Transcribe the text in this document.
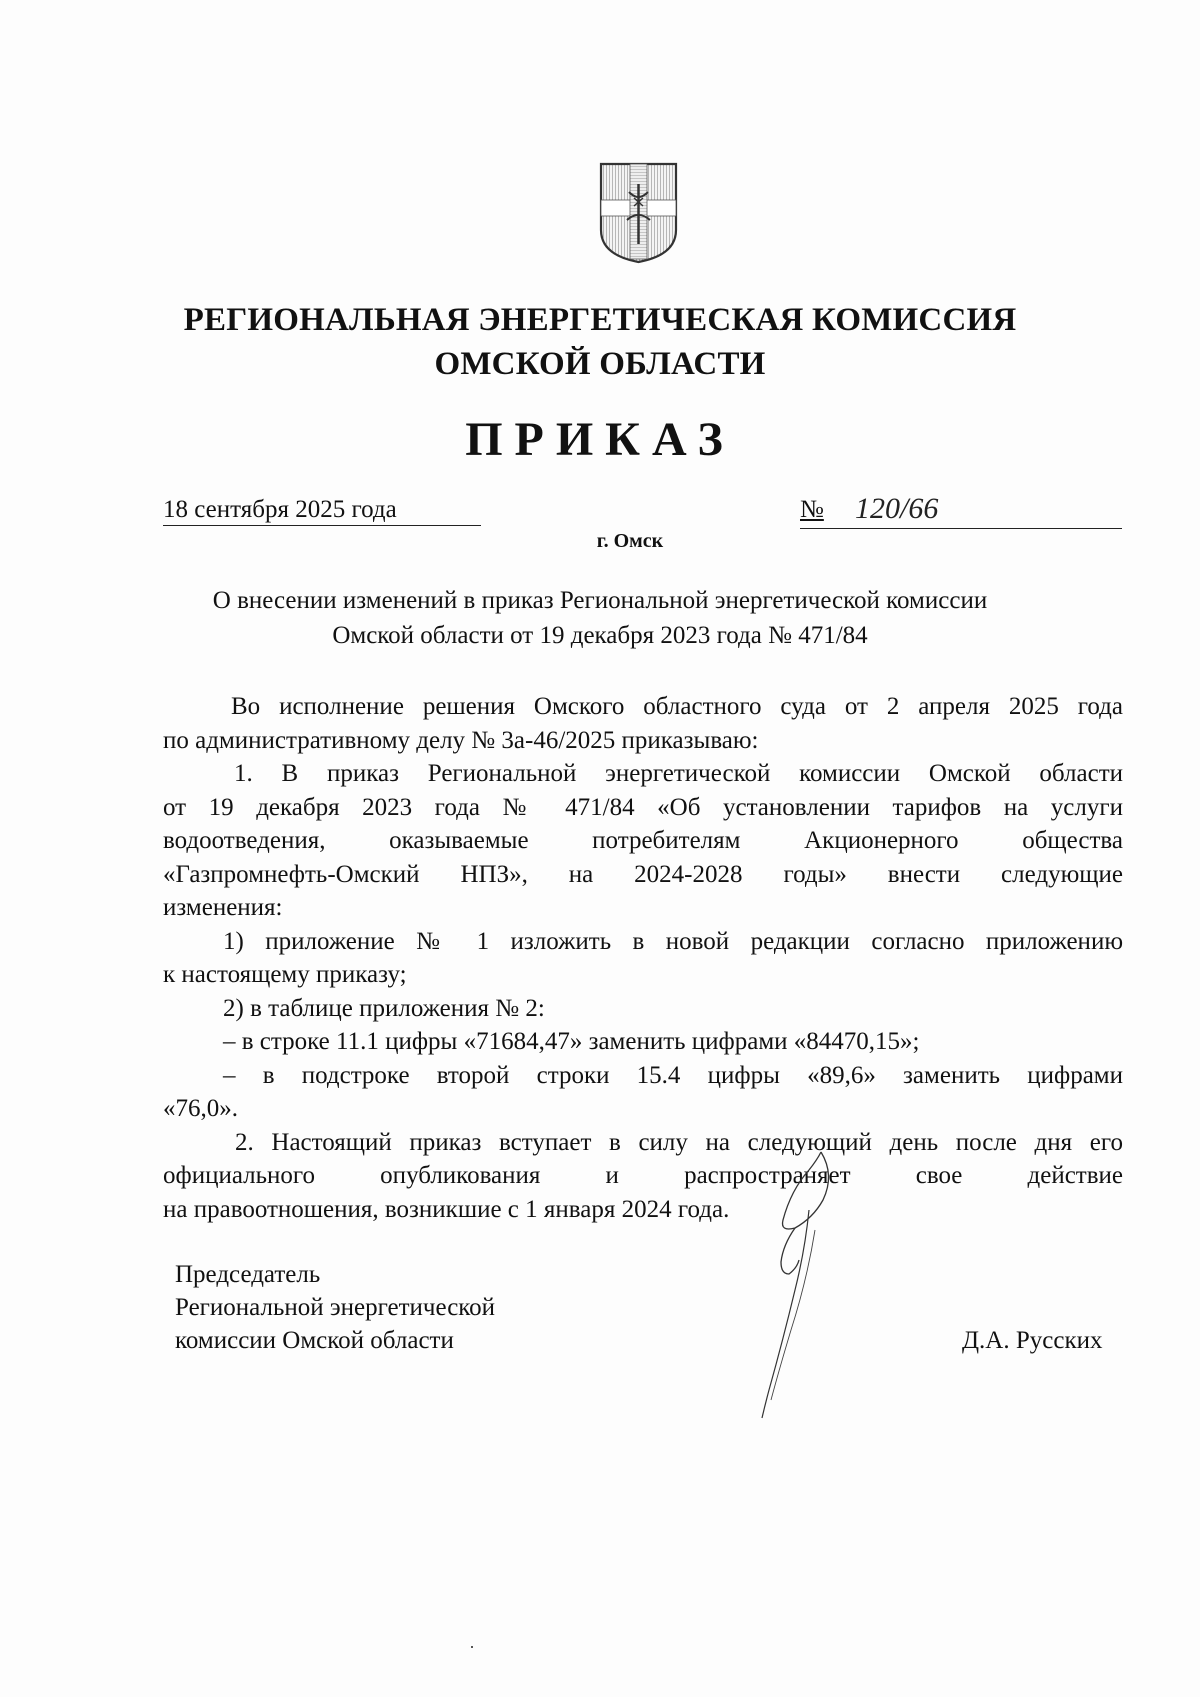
РЕГИОНАЛЬНАЯ ЭНЕРГЕТИЧЕСКАЯ КОМИССИЯ
ОМСКОЙ ОБЛАСТИ
ПРИКАЗ
18 сентября 2025 года	№ 120/66
г. Омск
О внесении изменений в приказ Региональной энергетической комиссии
Омской области от 19 декабря 2023 года № 471/84
Во исполнение решения Омского областного суда от 2 апреля 2025 года
по административному делу № 3а-46/2025 приказываю:
1. В приказ Региональной энергетической комиссии Омской области
от 19 декабря 2023 года № 471/84 «Об установлении тарифов на услуги
водоотведения, оказываемые потребителям Акционерного общества
«Газпромнефть-Омский НПЗ», на 2024-2028 годы» внести следующие
изменения:
1) приложение № 1 изложить в новой редакции согласно приложению
к настоящему приказу;
2) в таблице приложения № 2:
– в строке 11.1 цифры «71684,47» заменить цифрами «84470,15»;
– в подстроке второй строки 15.4 цифры «89,6» заменить цифрами
«76,0».
2. Настоящий приказ вступает в силу на следующий день после дня его
официального опубликования и распространяет свое действие
на правоотношения, возникшие с 1 января 2024 года.
Председатель
Региональной энергетической
комиссии Омской области	Д.А. Русских
